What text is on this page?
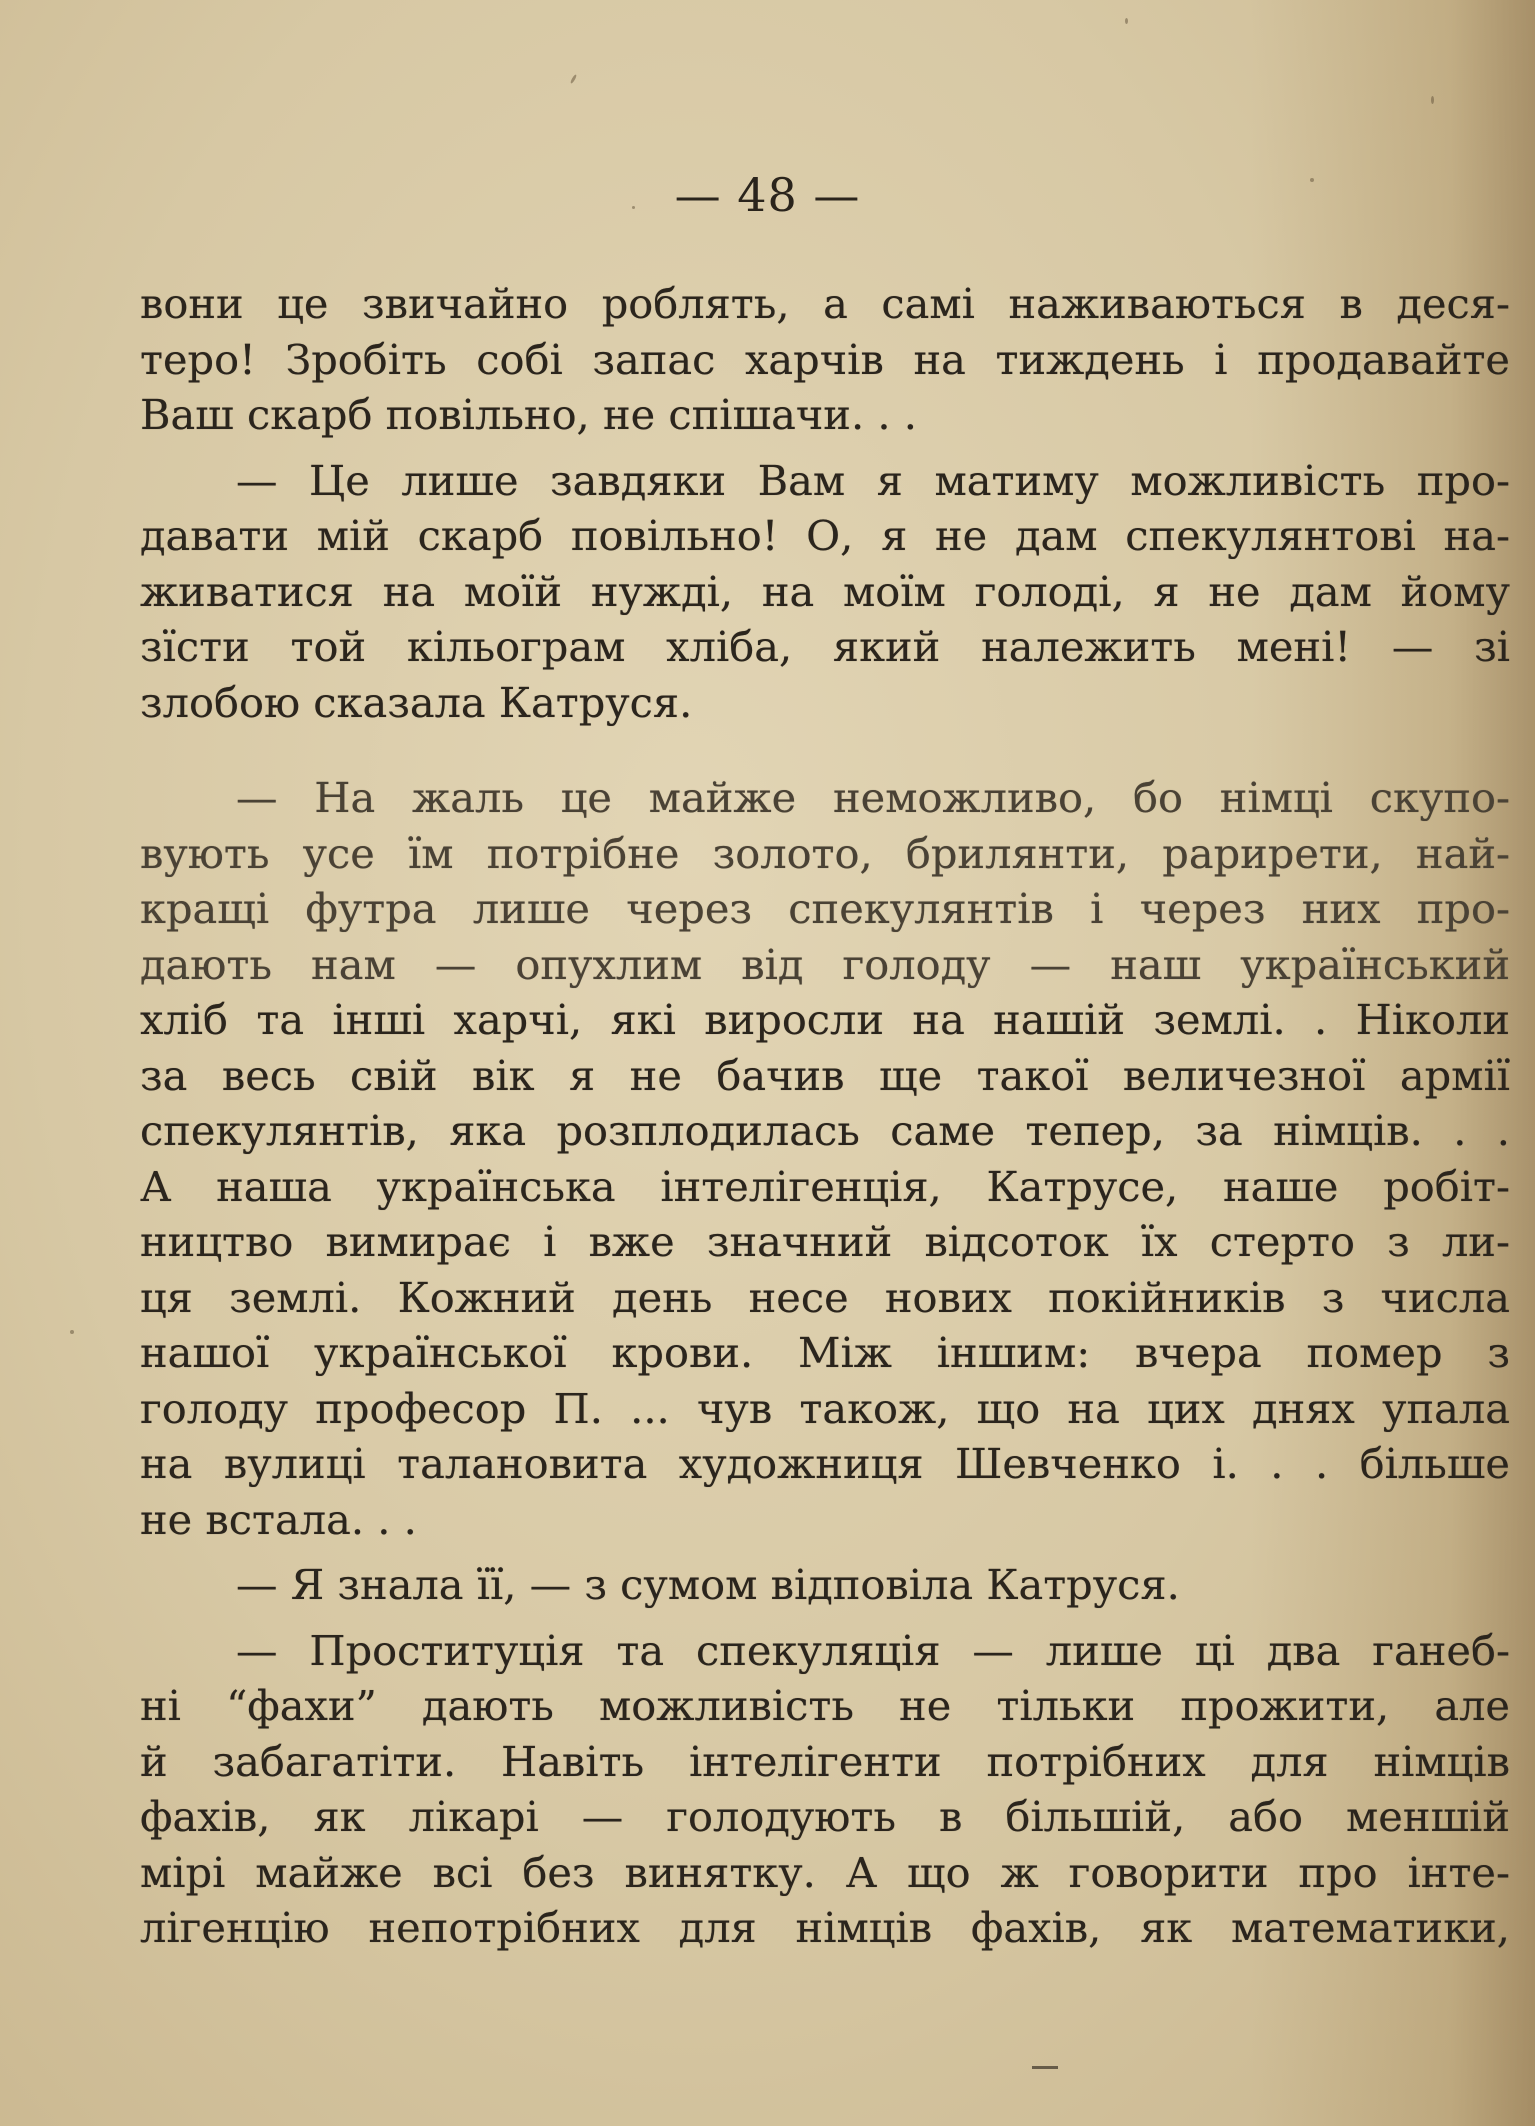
— 48 —
вони це звичайно роблять, а самі наживаються в деся-
теро! Зробіть собі запас харчів на тиждень і продавайте
Ваш скарб повільно, не спішачи. . .
— Це лише завдяки Вам я матиму можливість про-
давати мій скарб повільно! О, я не дам спекулянтові на-
живатися на моїй нужді, на моїм голоді, я не дам йому
зїсти той кільограм хліба, який належить мені! — зі
злобою сказала Катруся.
— На жаль це майже неможливо, бо німці скупо-
вують усе їм потрібне золото, брилянти, рарирети, най-
кращі футра лише через спекулянтів і через них про-
дають нам — опухлим від голоду — наш український
хліб та інші харчі, які виросли на нашій землі. . Ніколи
за весь свій вік я не бачив ще такої величезної армії
спекулянтів, яка розплодилась саме тепер, за німців. . .
А наша українська інтелігенція, Катрусе, наше робіт-
ництво вимирає і вже значний відсоток їх стерто з ли-
ця землі. Кожний день несе нових покійників з числа
нашої української крови. Між іншим: вчера помер з
голоду професор П. ... чув також, що на цих днях упала
на вулиці талановита художниця Шевченко і. . . більше
не встала. . .
— Я знала її, — з сумом відповіла Катруся.
— Проституція та спекуляція — лише ці два ганеб-
ні “фахи” дають можливість не тільки прожити, але
й забагатіти. Навіть інтелігенти потрібних для німців
фахів, як лікарі — голодують в більшій, або меншій
мірі майже всі без винятку. А що ж говорити про інте-
лігенцію непотрібних для німців фахів, як математики,
